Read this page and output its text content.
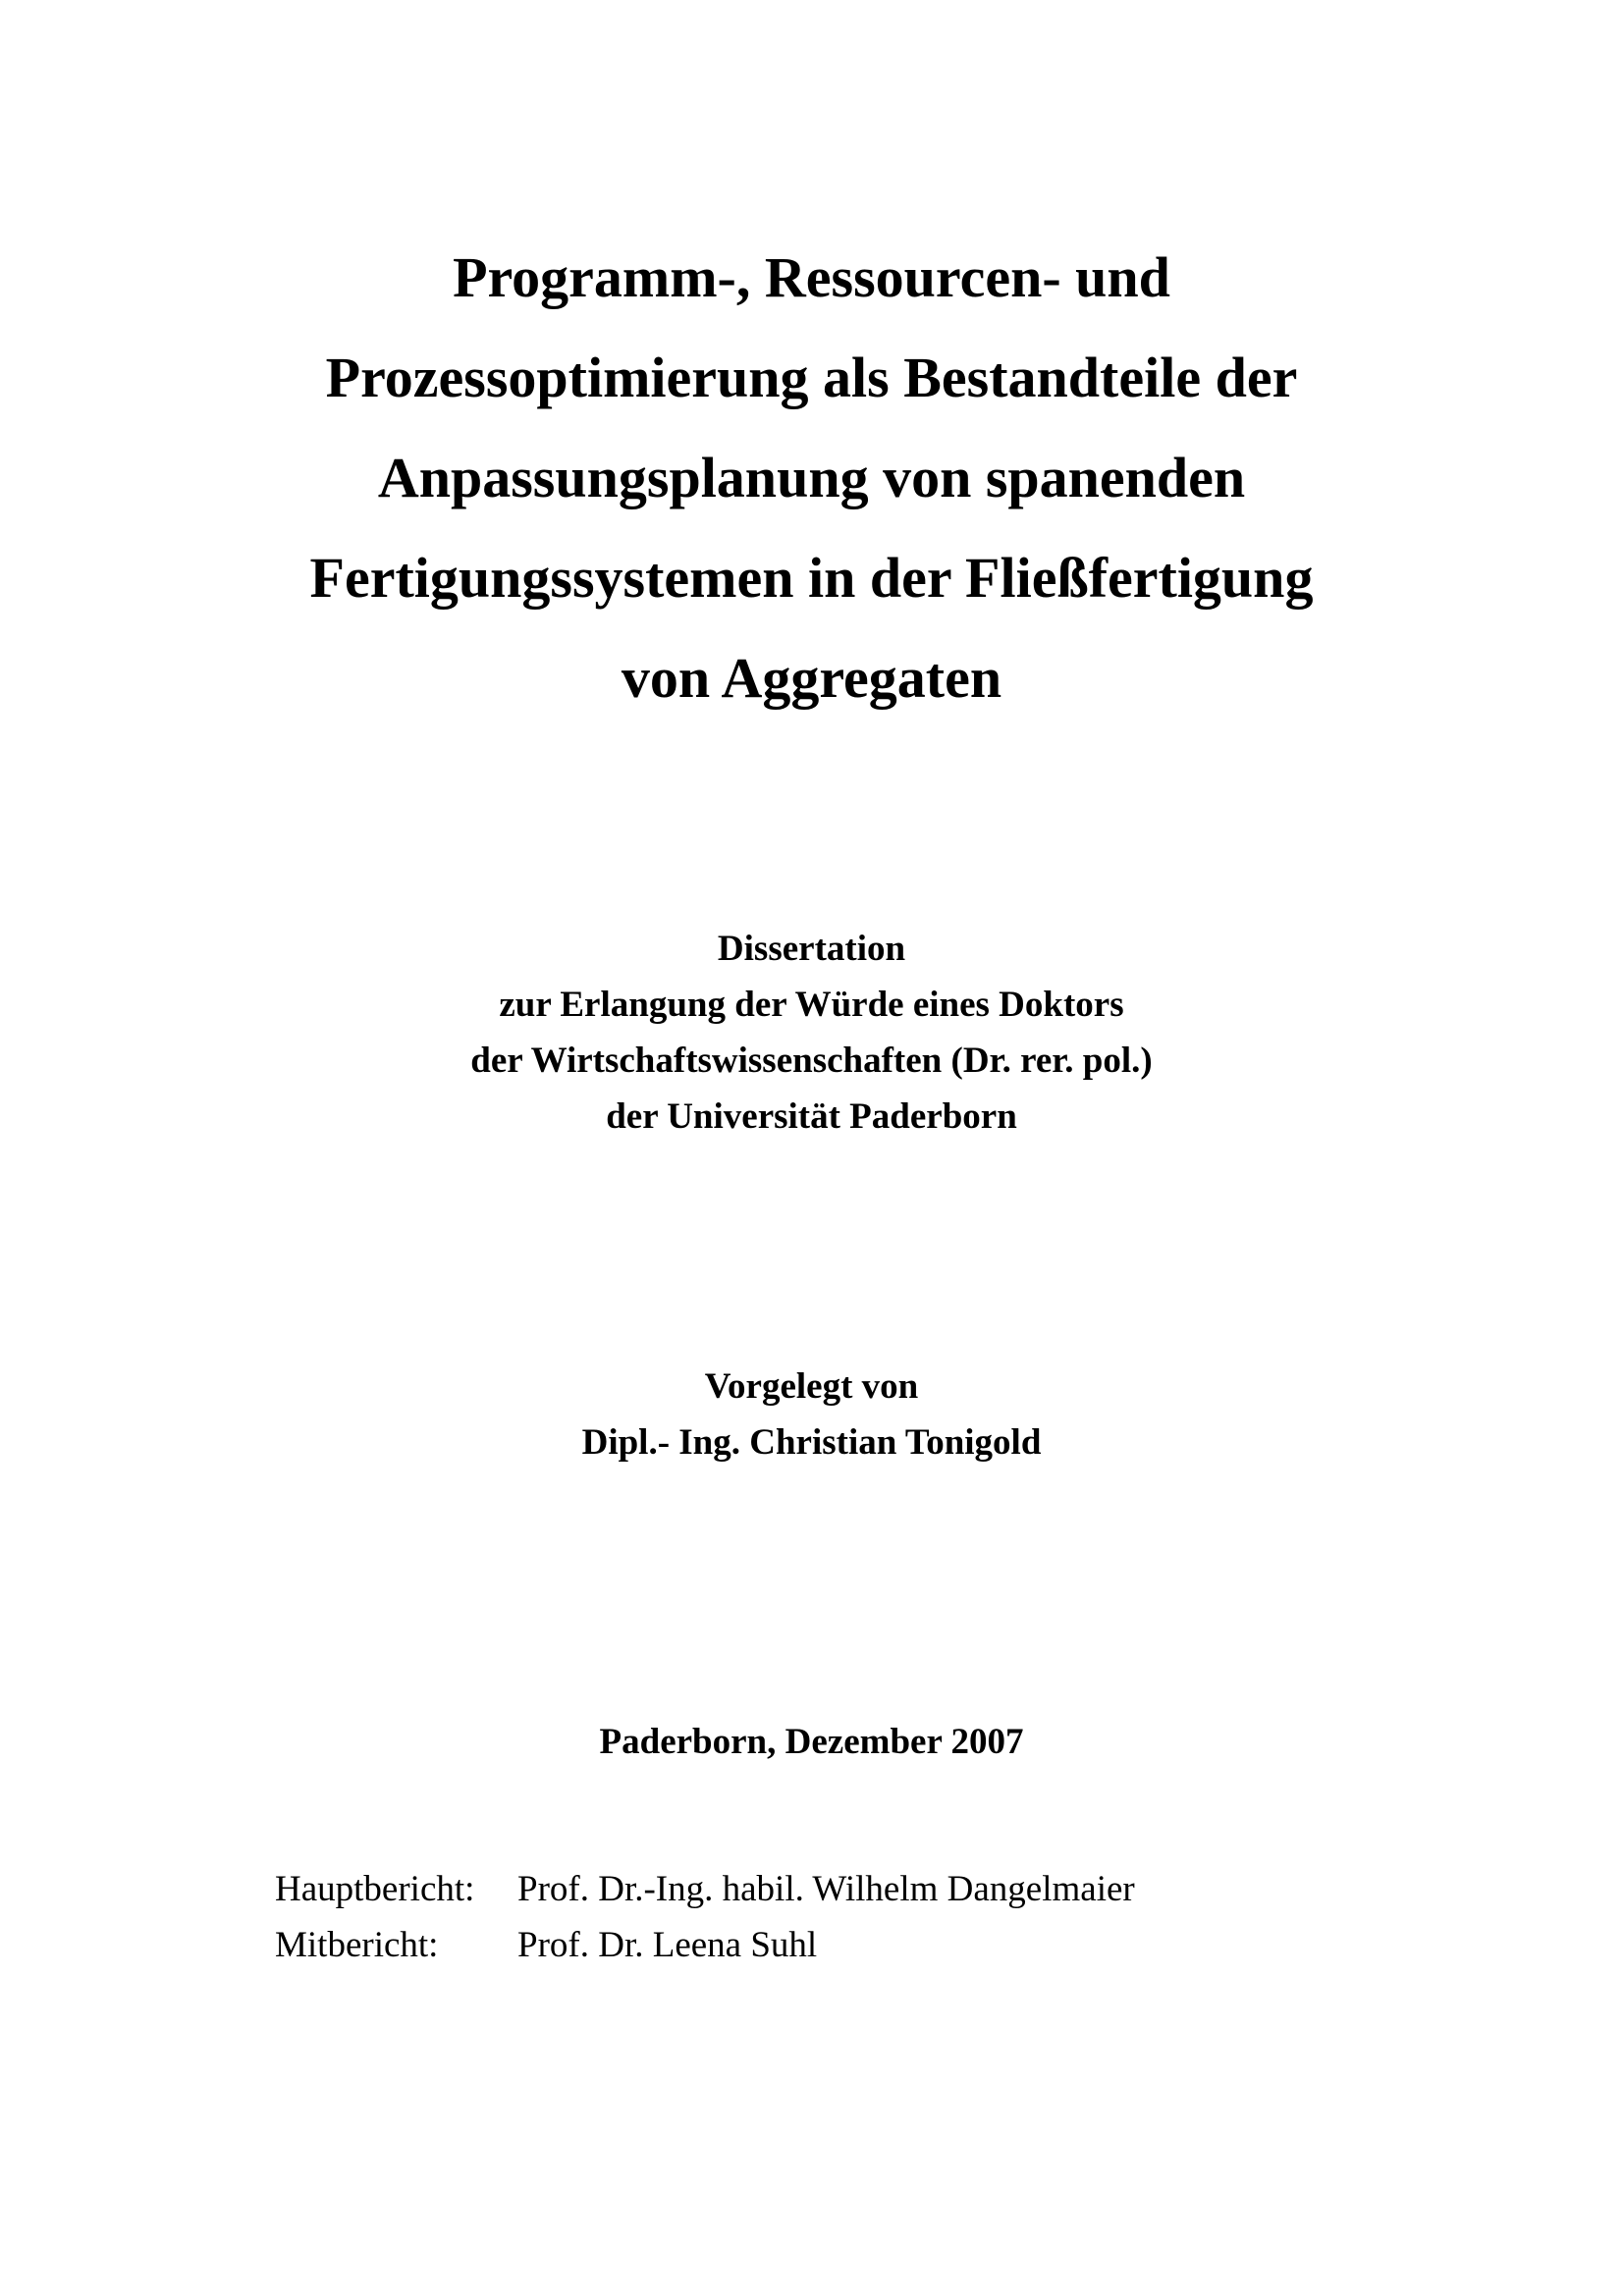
Programm-, Ressourcen- und
Prozessoptimierung als Bestandteile der
Anpassungsplanung von spanenden
Fertigungssystemen in der Fließfertigung
von Aggregaten
Dissertation
zur Erlangung der Würde eines Doktors
der Wirtschaftswissenschaften (Dr. rer. pol.)
der Universität Paderborn
Vorgelegt von
Dipl.- Ing. Christian Tonigold
Paderborn, Dezember 2007
Hauptbericht:	Prof. Dr.-Ing. habil. Wilhelm Dangelmaier
Mitbericht:	Prof. Dr. Leena Suhl
